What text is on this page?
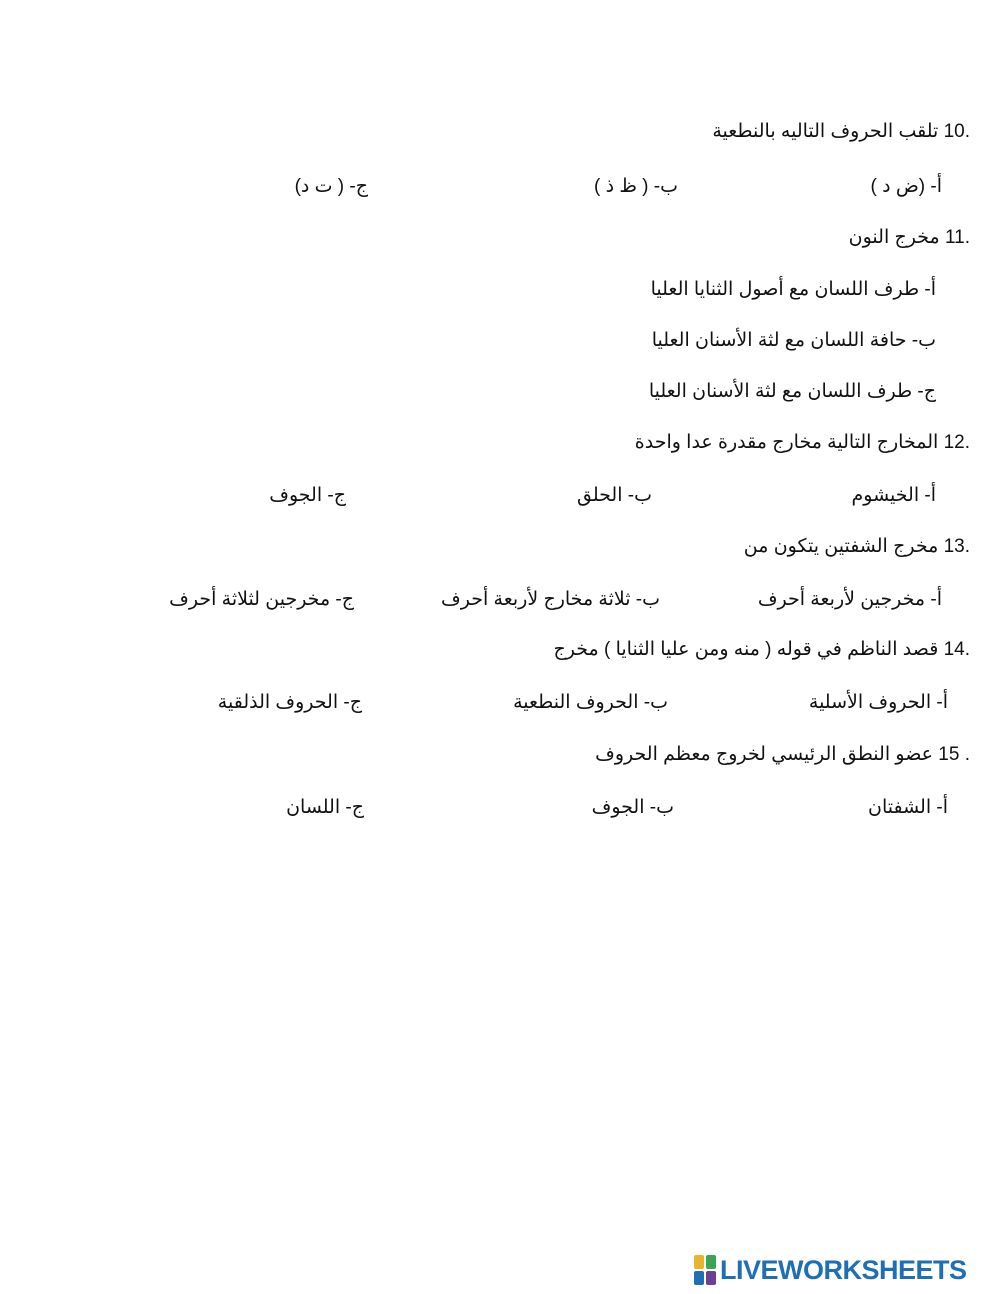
تلقب الحروف التاليه بالنطعية 10.
أ- (ض د )
ب- ( ظ ذ )
ج- ( ت د)
مخرج النون 11.
أ- طرف اللسان مع أصول الثنايا العليا
ب- حافة اللسان مع لثة الأسنان العليا
ج- طرف اللسان مع لثة الأسنان العليا
المخارج التالية مخارج مقدرة عدا واحدة 12.
أ- الخيشوم
ب- الحلق
ج- الجوف
مخرج الشفتين يتكون من 13.
أ- مخرجين لأربعة أحرف
ب- ثلاثة مخارج لأربعة أحرف
ج- مخرجين لثلاثة أحرف
قصد الناظم في قوله ( منه ومن عليا الثنايا ) مخرج 14.
أ- الحروف الأسلية
ب- الحروف النطعية
ج- الحروف الذلقية
عضو النطق الرئيسي لخروج معظم الحروف 15 .
أ- الشفتان
ب- الجوف
ج- اللسان
LIVEWORKSHEETS
